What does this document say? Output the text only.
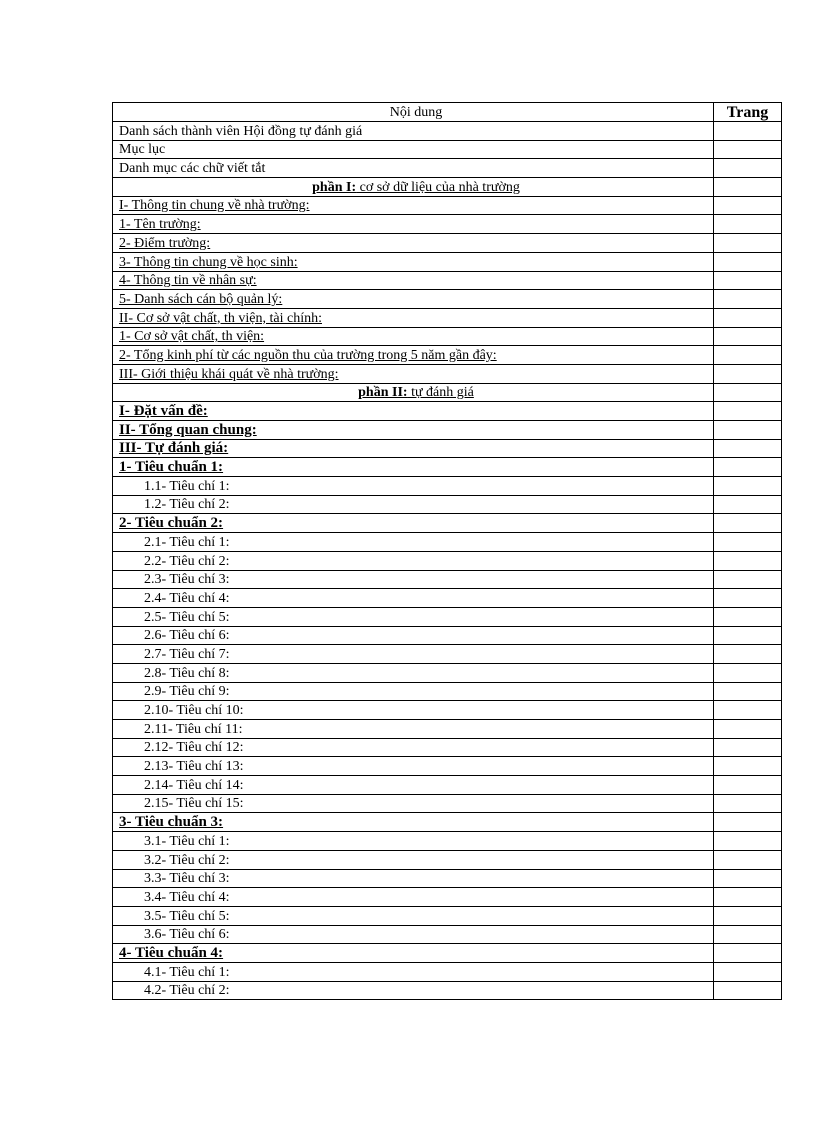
Nội dung	Trang
Danh sách thành viên Hội đồng tự đánh giá	
Mục lục	
Danh mục các chữ viết tắt	
phần I: cơ sở dữ liệu của nhà trường	
I- Thông tin chung về nhà trường:	
1- Tên trường:	
2- Điểm trường:	
3- Thông tin chung về học sinh:	
4- Thông tin về nhân sự:	
5- Danh sách cán bộ quản lý:	
II- Cơ sở vật chất, th viện, tài chính:	
1- Cơ sở vật chất, th viện:	
2- Tổng kinh phí từ các nguồn thu của trường trong 5 năm gần đây:	
III- Giới thiệu khái quát về nhà trường:	
phần II: tự đánh giá	
I- Đặt vấn đề:	
II- Tổng quan chung:	
III- Tự đánh giá:	
1- Tiêu chuẩn 1:	
1.1- Tiêu chí 1:	
1.2- Tiêu chí 2:	
2- Tiêu chuẩn 2:	
2.1- Tiêu chí 1:	
2.2- Tiêu chí 2:	
2.3- Tiêu chí 3:	
2.4- Tiêu chí 4:	
2.5- Tiêu chí 5:	
2.6- Tiêu chí 6:	
2.7- Tiêu chí 7:	
2.8- Tiêu chí 8:	
2.9- Tiêu chí 9:	
2.10- Tiêu chí 10:	
2.11- Tiêu chí 11:	
2.12- Tiêu chí 12:	
2.13- Tiêu chí 13:	
2.14- Tiêu chí 14:	
2.15- Tiêu chí 15:	
3- Tiêu chuẩn 3:	
3.1- Tiêu chí 1:	
3.2- Tiêu chí 2:	
3.3- Tiêu chí 3:	
3.4- Tiêu chí 4:	
3.5- Tiêu chí 5:	
3.6- Tiêu chí 6:	
4- Tiêu chuẩn 4:	
4.1- Tiêu chí 1:	
4.2- Tiêu chí 2:	
